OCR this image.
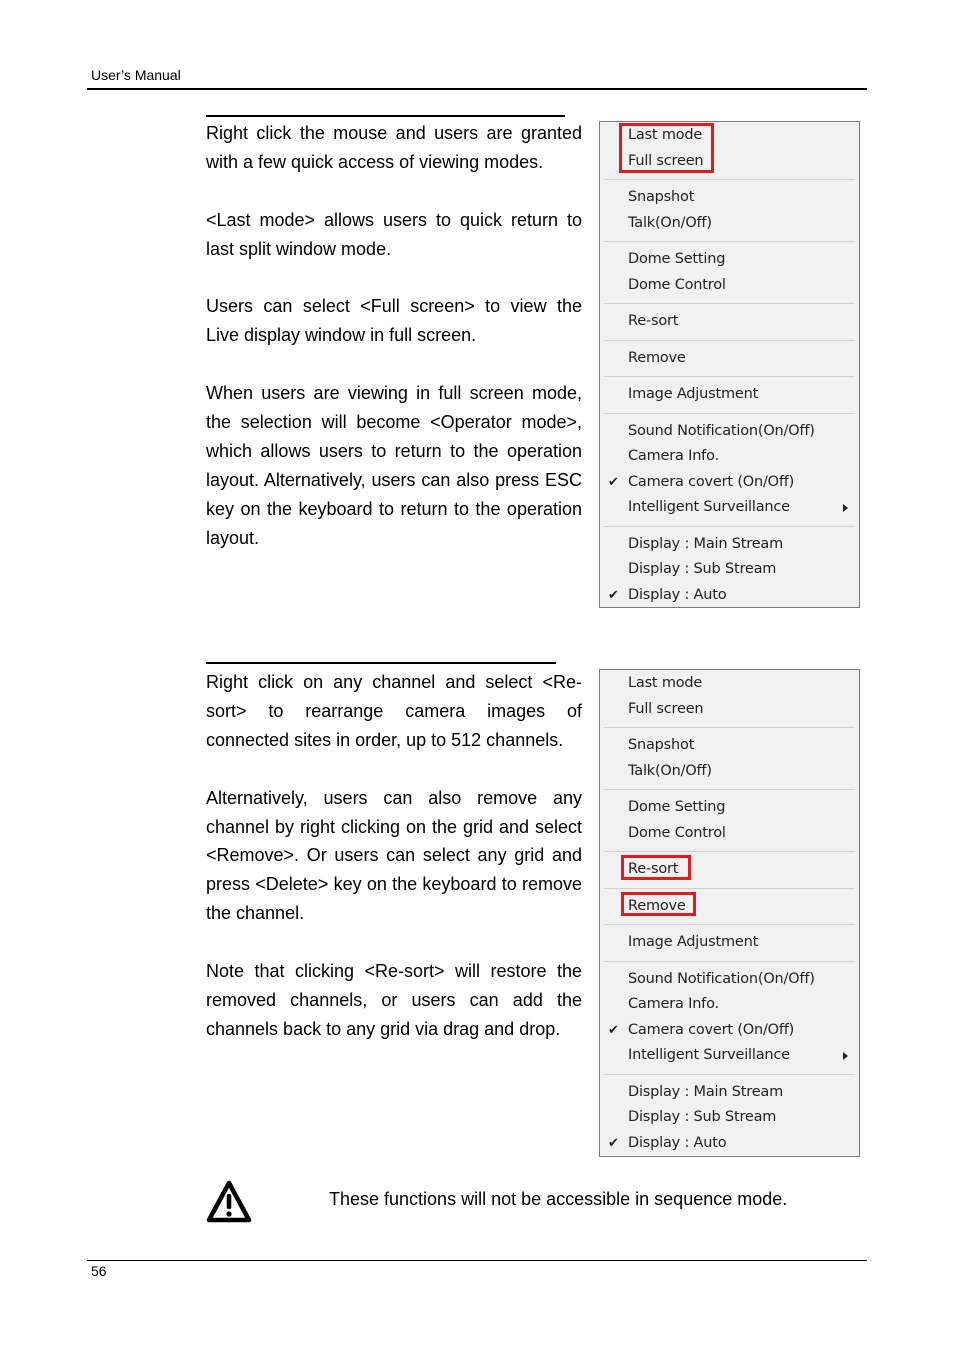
User’s Manual

Right click the mouse and users are granted with a few quick access of viewing modes.

<Last mode> allows users to quick return to last split window mode.

Users can select <Full screen> to view the Live display window in full screen.

When users are viewing in full screen mode, the selection will become <Operator mode>, which allows users to return to the operation layout. Alternatively, users can also press ESC key on the keyboard to return to the operation layout.

Last mode
Full screen
Snapshot
Talk(On/Off)
Dome Setting
Dome Control
Re-sort
Remove
Image Adjustment
Sound Notification(On/Off)
Camera Info.
✔ Camera covert (On/Off)
Intelligent Surveillance
Display : Main Stream
Display : Sub Stream
✔ Display : Auto

Right click on any channel and select <Re-sort> to rearrange camera images of connected sites in order, up to 512 channels.

Alternatively, users can also remove any channel by right clicking on the grid and select <Remove>. Or users can select any grid and press <Delete> key on the keyboard to remove the channel.

Note that clicking <Re-sort> will restore the removed channels, or users can add the channels back to any grid via drag and drop.

Last mode
Full screen
Snapshot
Talk(On/Off)
Dome Setting
Dome Control
Re-sort
Remove
Image Adjustment
Sound Notification(On/Off)
Camera Info.
✔ Camera covert (On/Off)
Intelligent Surveillance
Display : Main Stream
Display : Sub Stream
✔ Display : Auto
These functions will not be accessible in sequence mode.
56
